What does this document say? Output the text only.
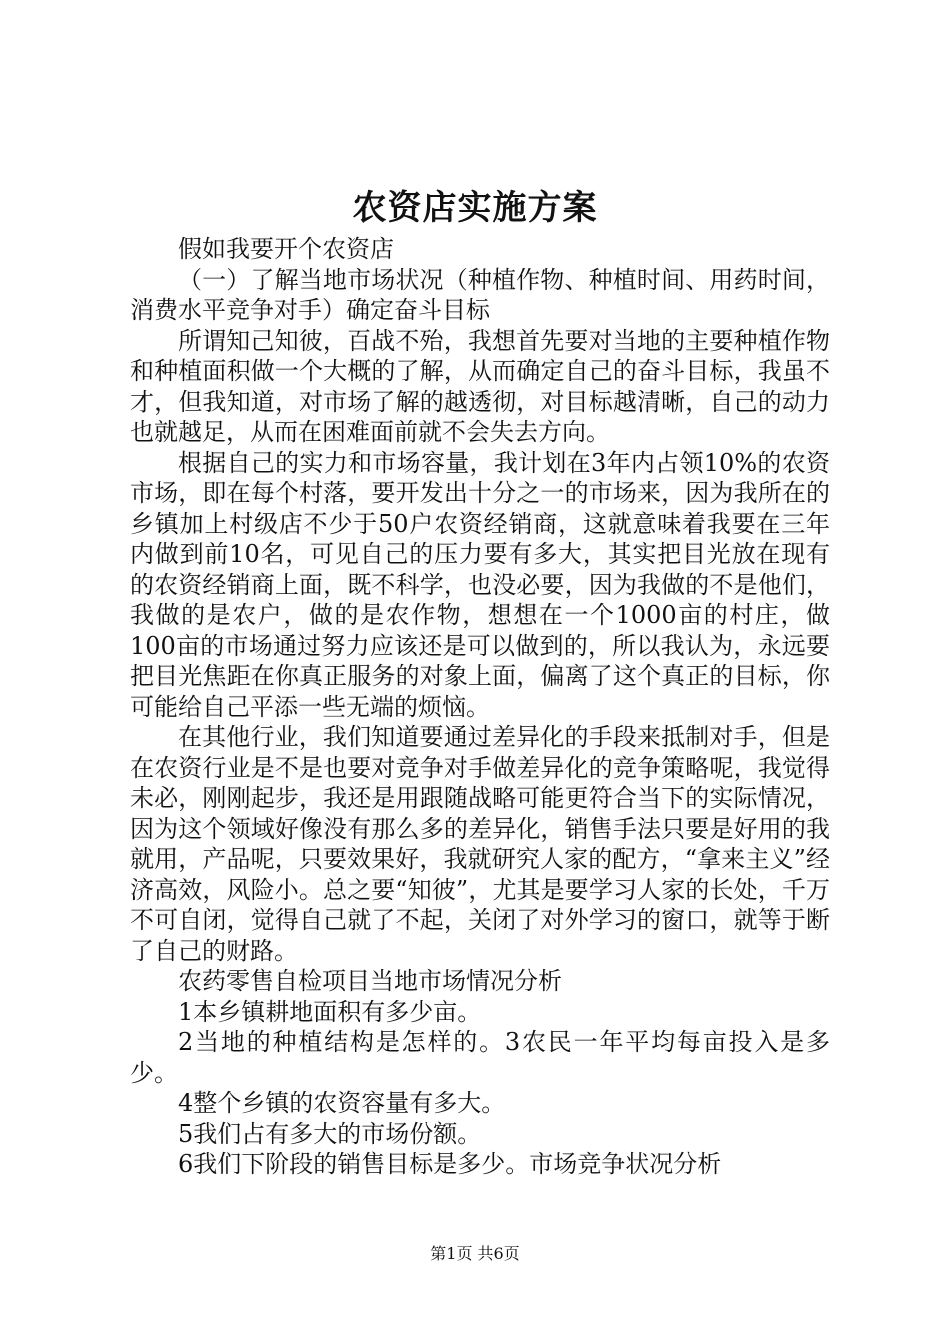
农资店实施方案

假如我要开个农资店

（一）了解当地市场状况（种植作物、种植时间、用药时间，消费水平竞争对手）确定奋斗目标

所谓知己知彼，百战不殆，我想首先要对当地的主要种植作物和种植面积做一个大概的了解，从而确定自己的奋斗目标，我虽不才，但我知道，对市场了解的越透彻，对目标越清晰，自己的动力也就越足，从而在困难面前就不会失去方向。

根据自己的实力和市场容量，我计划在3年内占领10%的农资市场，即在每个村落，要开发出十分之一的市场来，因为我所在的乡镇加上村级店不少于50户农资经销商，这就意味着我要在三年内做到前10名，可见自己的压力要有多大，其实把目光放在现有的农资经销商上面，既不科学，也没必要，因为我做的不是他们，我做的是农户，做的是农作物，想想在一个1000亩的村庄，做100亩的市场通过努力应该还是可以做到的，所以我认为，永远要把目光焦距在你真正服务的对象上面，偏离了这个真正的目标，你可能给自己平添一些无端的烦恼。

在其他行业，我们知道要通过差异化的手段来抵制对手，但是在农资行业是不是也要对竞争对手做差异化的竞争策略呢，我觉得未必，刚刚起步，我还是用跟随战略可能更符合当下的实际情况，因为这个领域好像没有那么多的差异化，销售手法只要是好用的我就用，产品呢，只要效果好，我就研究人家的配方，“拿来主义”经济高效，风险小。总之要“知彼”，尤其是要学习人家的长处，千万不可自闭，觉得自己就了不起，关闭了对外学习的窗口，就等于断了自己的财路。

农药零售自检项目当地市场情况分析

1本乡镇耕地面积有多少亩。

2当地的种植结构是怎样的。3农民一年平均每亩投入是多少。

4整个乡镇的农资容量有多大。

5我们占有多大的市场份额。

6我们下阶段的销售目标是多少。市场竞争状况分析

第1页 共6页
